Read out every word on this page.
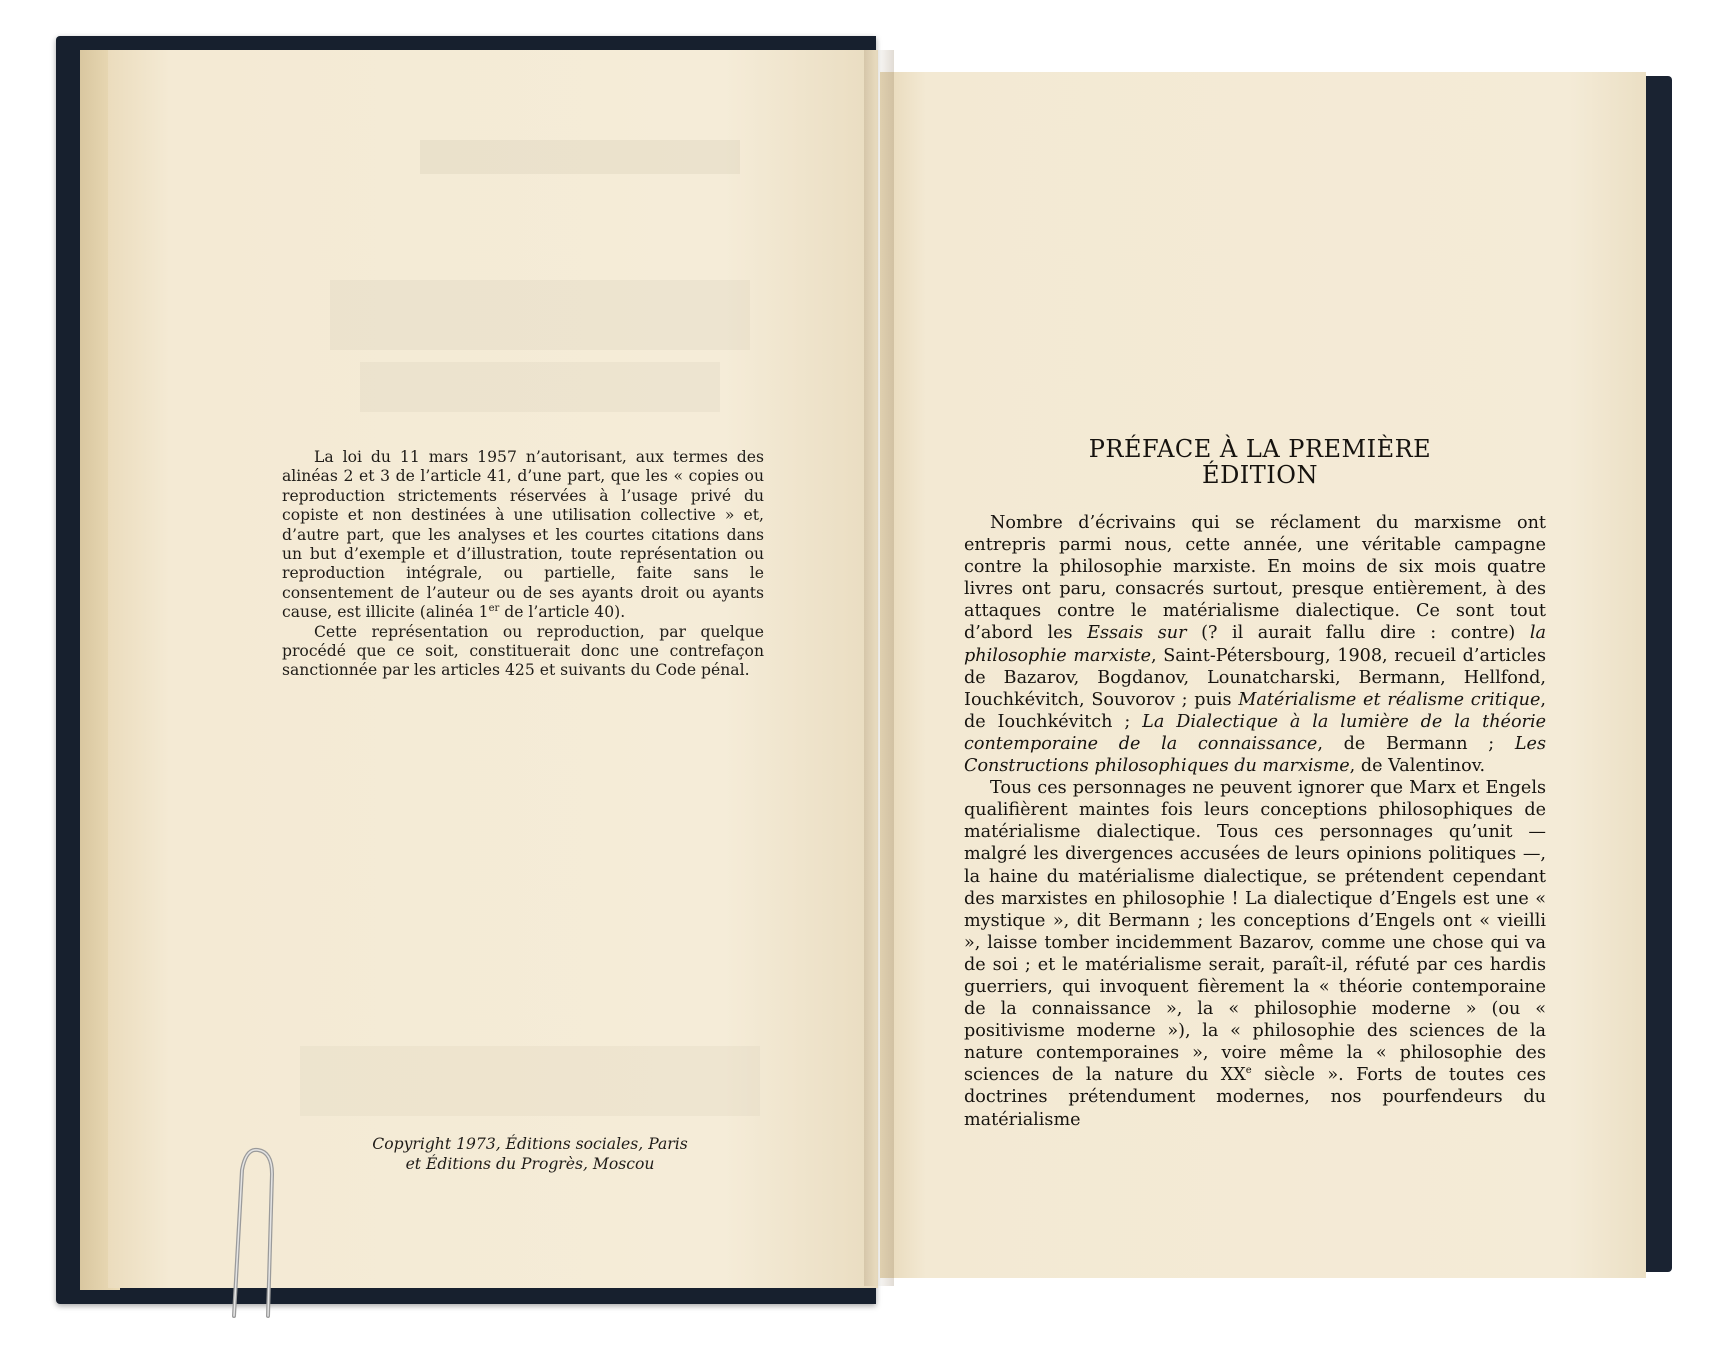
La loi du 11 mars 1957 n’autorisant, aux termes des alinéas 2 et 3 de l’article 41, d’une part, que les « copies ou reproduction strictements réservées à l’usage privé du copiste et non destinées à une utilisation collective » et, d’autre part, que les analyses et les courtes citations dans un but d’exemple et d’illustration, toute représentation ou reproduction intégrale, ou partielle, faite sans le consentement de l’auteur ou de ses ayants droit ou ayants cause, est illicite (alinéa 1er de l’article 40).

Cette représentation ou reproduction, par quelque procédé que ce soit, constituerait donc une contrefaçon sanctionnée par les articles 425 et suivants du Code pénal.

Copyright 1973, Éditions sociales, Paris
et Éditions du Progrès, Moscou
PRÉFACE À LA PREMIÈRE
ÉDITION

Nombre d’écrivains qui se réclament du marxisme ont entrepris parmi nous, cette année, une véritable campagne contre la philosophie marxiste. En moins de six mois quatre livres ont paru, consacrés surtout, presque entièrement, à des attaques contre le matérialisme dialectique. Ce sont tout d’abord les Essais sur (? il aurait fallu dire : contre) la philosophie marxiste, Saint-Pétersbourg, 1908, recueil d’articles de Bazarov, Bogdanov, Lounatcharski, Bermann, Hellfond, Iouchkévitch, Souvorov ; puis Matérialisme et réalisme critique, de Iouchkévitch ; La Dialectique à la lumière de la théorie contemporaine de la connaissance, de Bermann ; Les Constructions philosophiques du marxisme, de Valentinov.

Tous ces personnages ne peuvent ignorer que Marx et Engels qualifièrent maintes fois leurs conceptions philosophiques de matérialisme dialectique. Tous ces personnages qu’unit — malgré les divergences accusées de leurs opinions politiques —, la haine du matérialisme dialectique, se prétendent cependant des marxistes en philosophie ! La dialectique d’Engels est une « mystique », dit Bermann ; les conceptions d’Engels ont « vieilli », laisse tomber incidemment Bazarov, comme une chose qui va de soi ; et le matérialisme serait, paraît-il, réfuté par ces hardis guerriers, qui invoquent fièrement la « théorie contemporaine de la connaissance », la « philosophie moderne » (ou « positivisme moderne »), la « philosophie des sciences de la nature contemporaines », voire même la « philosophie des sciences de la nature du XXe siècle ». Forts de toutes ces doctrines prétendument modernes, nos pourfendeurs du matérialisme
